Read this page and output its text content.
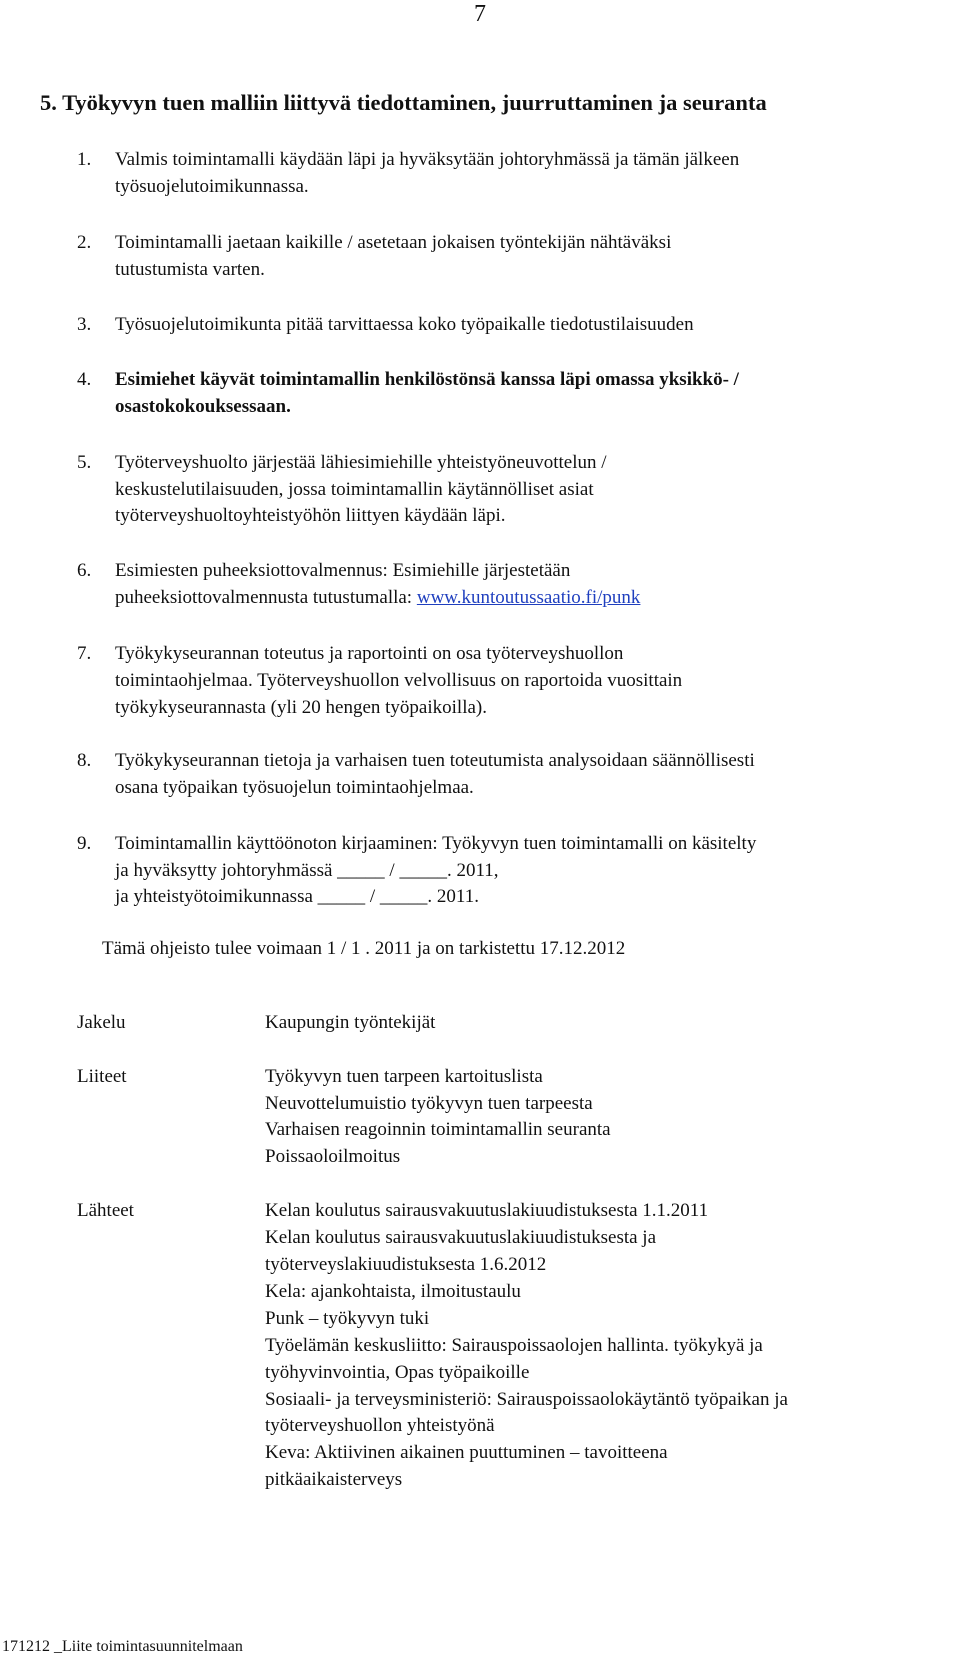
7
5. Työkyvyn tuen malliin liittyvä tiedottaminen, juurruttaminen ja seuranta
1. Valmis toimintamalli käydään läpi ja hyväksytään johtoryhmässä ja tämän jälkeen
työsuojelutoimikunnassa.
2. Toimintamalli jaetaan kaikille / asetetaan jokaisen työntekijän nähtäväksi
tutustumista varten.
3. Työsuojelutoimikunta pitää tarvittaessa koko työpaikalle tiedotustilaisuuden
4. Esimiehet käyvät toimintamallin henkilöstönsä kanssa läpi omassa yksikkö- /
osastokokouksessaan.
5. Työterveyshuolto järjestää lähiesimiehille yhteistyöneuvottelun /
keskustelutilaisuuden, jossa toimintamallin käytännölliset asiat
työterveyshuoltoyhteistyöhön liittyen käydään läpi.
6. Esimiesten puheeksiottovalmennus: Esimiehille järjestetään
puheeksiottovalmennusta tutustumalla: www.kuntoutussaatio.fi/punk
7. Työkykyseurannan toteutus ja raportointi on osa työterveyshuollon
toimintaohjelmaa. Työterveyshuollon velvollisuus on raportoida vuosittain
työkykyseurannasta (yli 20 hengen työpaikoilla).
8. Työkykyseurannan tietoja ja varhaisen tuen toteutumista analysoidaan säännöllisesti
osana työpaikan työsuojelun toimintaohjelmaa.
9. Toimintamallin käyttöönoton kirjaaminen: Työkyvyn tuen toimintamalli on käsitelty
ja hyväksytty johtoryhmässä _____ / _____. 2011,
ja yhteistyötoimikunnassa _____ / _____. 2011.
Tämä ohjeisto tulee voimaan 1 / 1 . 2011 ja on tarkistettu 17.12.2012
Jakelu	Kaupungin työntekijät
Liiteet	Työkyvyn tuen tarpeen kartoituslista
Neuvottelumuistio työkyvyn tuen tarpeesta
Varhaisen reagoinnin toimintamallin seuranta
Poissaoloilmoitus
Lähteet	Kelan koulutus sairausvakuutuslakiuudistuksesta 1.1.2011
Kelan koulutus sairausvakuutuslakiuudistuksesta ja
työterveyslakiuudistuksesta 1.6.2012
Kela: ajankohtaista, ilmoitustaulu
Punk – työkyvyn tuki
Työelämän keskusliitto: Sairauspoissaolojen hallinta. työkykyä ja
työhyvinvointia, Opas työpaikoille
Sosiaali- ja terveysministeriö: Sairauspoissaolokäytäntö työpaikan ja
työterveyshuollon yhteistyönä
Keva: Aktiivinen aikainen puuttuminen – tavoitteena
pitkäaikaisterveys
171212 _Liite toimintasuunnitelmaan
